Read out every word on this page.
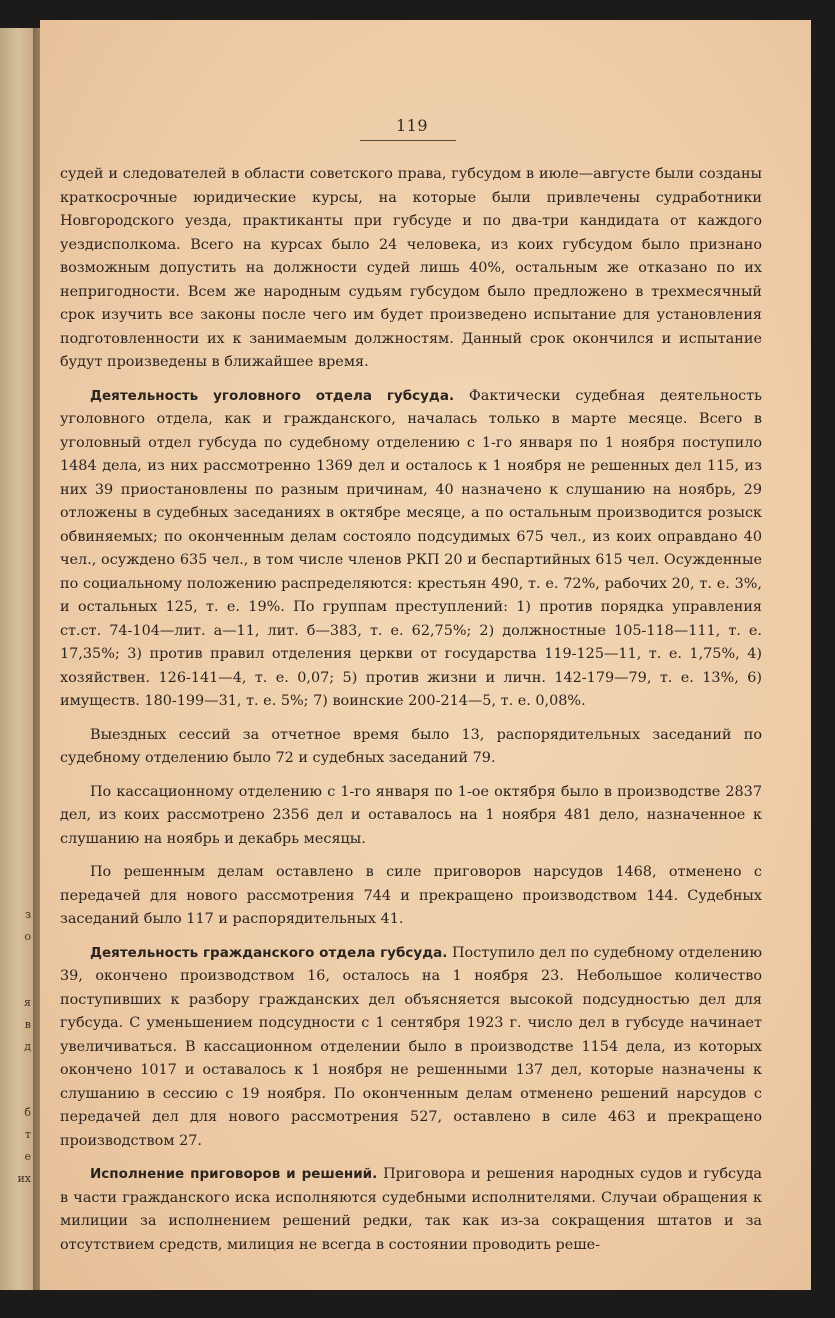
з
о
я
в
д
б
т
е
их
119

судей и следователей в области советского права, губсудом в июле—августе были созданы краткосрочные юридические курсы, на которые были привлечены судработники Новгородского уезда, практиканты при губсуде и по два-три кандидата от каждого уездисполкома. Всего на курсах было 24 человека, из коих губсудом было признано возможным допустить на должности судей лишь 40%, остальным же отказано по их непригодности. Всем же народным судьям губсудом было предложено в трехмесячный срок изучить все законы после чего им будет произведено испытание для установления подготовленности их к занимаемым должностям. Данный срок окончился и испытание будут произведены в ближайшее время.

Деятельность уголовного отдела губсуда. Фактически судебная деятельность уголовного отдела, как и гражданского, началась только в марте месяце. Всего в уголовный отдел губсуда по судебному отделению с 1-го января по 1 ноября поступило 1484 дела, из них рассмотренно 1369 дел и осталось к 1 ноября не решенных дел 115, из них 39 приостановлены по разным причинам, 40 назначено к слушанию на ноябрь, 29 отложены в судебных заседаниях в октябре месяце, а по остальным производится розыск обвиняемых; по оконченным делам состояло подсудимых 675 чел., из коих оправдано 40 чел., осуждено 635 чел., в том числе членов РКП 20 и беспартийных 615 чел. Осужденные по социальному положению распределяются: крестьян 490, т. е. 72%, рабочих 20, т. е. 3%, и остальных 125, т. е. 19%. По группам преступлений: 1) против порядка управления ст.ст. 74-104—лит. а—11, лит. б—383, т. е. 62,75%; 2) должностные 105-118—111, т. е. 17,35%; 3) против правил отделения церкви от государства 119-125—11, т. е. 1,75%, 4) хозяйствен. 126-141—4, т. е. 0,07; 5) против жизни и личн. 142-179—79, т. е. 13%, 6) имуществ. 180-199—31, т. е. 5%; 7) воинские 200-214—5, т. е. 0,08%.

Выездных сессий за отчетное время было 13, распорядительных заседаний по судебному отделению было 72 и судебных заседаний 79.

По кассационному отделению с 1-го января по 1-ое октября было в производстве 2837 дел, из коих рассмотрено 2356 дел и оставалось на 1 ноября 481 дело, назначенное к слушанию на ноябрь и декабрь месяцы.

По решенным делам оставлено в силе приговоров нарсудов 1468, отменено с передачей для нового рассмотрения 744 и прекращено производством 144. Судебных заседаний было 117 и распорядительных 41.

Деятельность гражданского отдела губсуда. Поступило дел по судебному отделению 39, окончено производством 16, осталось на 1 ноября 23. Небольшое количество поступивших к разбору гражданских дел объясняется высокой подсудностью дел для губсуда. С уменьшением подсудности с 1 сентября 1923 г. число дел в губсуде начинает увеличиваться. В кассационном отделении было в производстве 1154 дела, из которых окончено 1017 и оставалось к 1 ноября не решенными 137 дел, которые назначены к слушанию в сессию с 19 ноября. По оконченным делам отменено решений нарсудов с передачей дел для нового рассмотрения 527, оставлено в силе 463 и прекращено производством 27.

Исполнение приговоров и решений. Приговора и решения народных судов и губсуда в части гражданского иска исполняются судебными исполнителями. Случаи обращения к милиции за исполнением решений редки, так как из-за сокращения штатов и за отсутствием средств, милиция не всегда в состоянии проводить реше-
